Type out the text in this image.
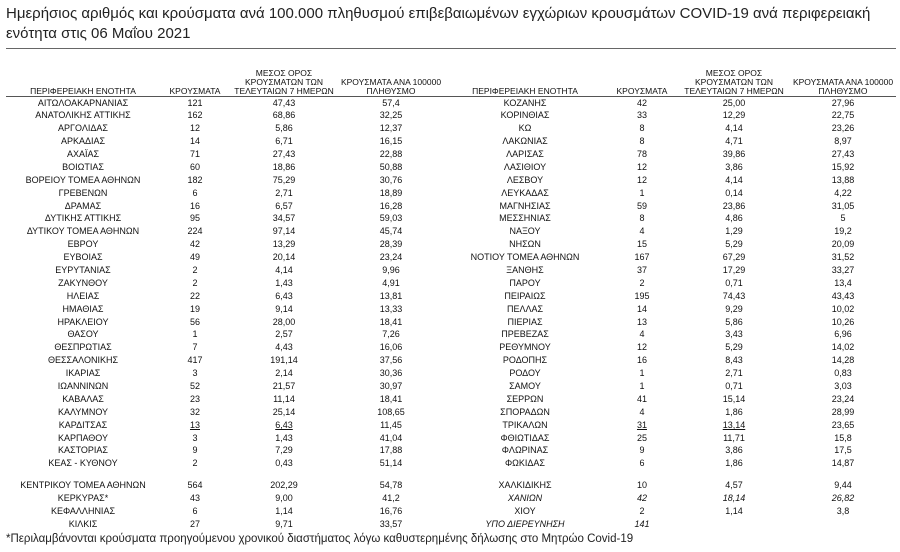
Ημερήσιος αριθμός και κρούσματα ανά 100.000 πληθυσμού επιβεβαιωμένων εγχώριων κρουσμάτων COVID-19 ανά περιφερειακή ενότητα στις 06 Μαΐου 2021
ΠΕΡΙΦΕΡΕΙΑΚΗ ΕΝΟΤΗΤΑ	ΚΡΟΥΣΜΑΤΑ	ΜΕΣΟΣ ΟΡΟΣ ΚΡΟΥΣΜΑΤΩΝ ΤΩΝ ΤΕΛΕΥΤΑΙΩΝ 7 ΗΜΕΡΩΝ	ΚΡΟΥΣΜΑΤΑ ΑΝΑ 100000 ΠΛΗΘΥΣΜΟ	ΠΕΡΙΦΕΡΕΙΑΚΗ ΕΝΟΤΗΤΑ	ΚΡΟΥΣΜΑΤΑ	ΜΕΣΟΣ ΟΡΟΣ ΚΡΟΥΣΜΑΤΩΝ ΤΩΝ ΤΕΛΕΥΤΑΙΩΝ 7 ΗΜΕΡΩΝ	ΚΡΟΥΣΜΑΤΑ ΑΝΑ 100000 ΠΛΗΘΥΣΜΟ
ΑΙΤΩΛΟΑΚΑΡΝΑΝΙΑΣ	121	47,43	57,4	ΚΟΖΑΝΗΣ	42	25,00	27,96
ΑΝΑΤΟΛΙΚΗΣ ΑΤΤΙΚΗΣ	162	68,86	32,25	ΚΟΡΙΝΘΙΑΣ	33	12,29	22,75
ΑΡΓΟΛΙΔΑΣ	12	5,86	12,37	ΚΩ	8	4,14	23,26
ΑΡΚΑΔΙΑΣ	14	6,71	16,15	ΛΑΚΩΝΙΑΣ	8	4,71	8,97
ΑΧΑΪΑΣ	71	27,43	22,88	ΛΑΡΙΣΑΣ	78	39,86	27,43
ΒΟΙΩΤΙΑΣ	60	18,86	50,88	ΛΑΣΙΘΙΟΥ	12	3,86	15,92
ΒΟΡΕΙΟΥ ΤΟΜΕΑ ΑΘΗΝΩΝ	182	75,29	30,76	ΛΕΣΒΟΥ	12	4,14	13,88
ΓΡΕΒΕΝΩΝ	6	2,71	18,89	ΛΕΥΚΑΔΑΣ	1	0,14	4,22
ΔΡΑΜΑΣ	16	6,57	16,28	ΜΑΓΝΗΣΙΑΣ	59	23,86	31,05
ΔΥΤΙΚΗΣ ΑΤΤΙΚΗΣ	95	34,57	59,03	ΜΕΣΣΗΝΙΑΣ	8	4,86	5
ΔΥΤΙΚΟΥ ΤΟΜΕΑ ΑΘΗΝΩΝ	224	97,14	45,74	ΝΑΞΟΥ	4	1,29	19,2
ΕΒΡΟΥ	42	13,29	28,39	ΝΗΣΩΝ	15	5,29	20,09
ΕΥΒΟΙΑΣ	49	20,14	23,24	ΝΟΤΙΟΥ ΤΟΜΕΑ ΑΘΗΝΩΝ	167	67,29	31,52
ΕΥΡΥΤΑΝΙΑΣ	2	4,14	9,96	ΞΑΝΘΗΣ	37	17,29	33,27
ΖΑΚΥΝΘΟΥ	2	1,43	4,91	ΠΑΡΟΥ	2	0,71	13,4
ΗΛΕΙΑΣ	22	6,43	13,81	ΠΕΙΡΑΙΩΣ	195	74,43	43,43
ΗΜΑΘΙΑΣ	19	9,14	13,33	ΠΕΛΛΑΣ	14	9,29	10,02
ΗΡΑΚΛΕΙΟΥ	56	28,00	18,41	ΠΙΕΡΙΑΣ	13	5,86	10,26
ΘΑΣΟΥ	1	2,57	7,26	ΠΡΕΒΕΖΑΣ	4	3,43	6,96
ΘΕΣΠΡΩΤΙΑΣ	7	4,43	16,06	ΡΕΘΥΜΝΟΥ	12	5,29	14,02
ΘΕΣΣΑΛΟΝΙΚΗΣ	417	191,14	37,56	ΡΟΔΟΠΗΣ	16	8,43	14,28
ΙΚΑΡΙΑΣ	3	2,14	30,36	ΡΟΔΟΥ	1	2,71	0,83
ΙΩΑΝΝΙΝΩΝ	52	21,57	30,97	ΣΑΜΟΥ	1	0,71	3,03
ΚΑΒΑΛΑΣ	23	11,14	18,41	ΣΕΡΡΩΝ	41	15,14	23,24
ΚΑΛΥΜΝΟΥ	32	25,14	108,65	ΣΠΟΡΑΔΩΝ	4	1,86	28,99
ΚΑΡΔΙΤΣΑΣ	13	6,43	11,45	ΤΡΙΚΑΛΩΝ	31	13,14	23,65
ΚΑΡΠΑΘΟΥ	3	1,43	41,04	ΦΘΙΩΤΙΔΑΣ	25	11,71	15,8
ΚΑΣΤΟΡΙΑΣ	9	7,29	17,88	ΦΛΩΡΙΝΑΣ	9	3,86	17,5
ΚΕΑΣ - ΚΥΘΝΟΥ	2	0,43	51,14	ΦΩΚΙΔΑΣ	6	1,86	14,87

ΚΕΝΤΡΙΚΟΥ ΤΟΜΕΑ ΑΘΗΝΩΝ	564	202,29	54,78	ΧΑΛΚΙΔΙΚΗΣ	10	4,57	9,44
ΚΕΡΚΥΡΑΣ*	43	9,00	41,2	ΧΑΝΙΩΝ	42	18,14	26,82
ΚΕΦΑΛΛΗΝΙΑΣ	6	1,14	16,76	ΧΙΟΥ	2	1,14	3,8
ΚΙΛΚΙΣ	27	9,71	33,57	ΥΠΟ ΔΙΕΡΕΥΝΗΣΗ	141		
*Περιλαμβάνονται κρούσματα προηγούμενου χρονικού διαστήματος λόγω καθυστερημένης δήλωσης στο Μητρώο Covid-19
